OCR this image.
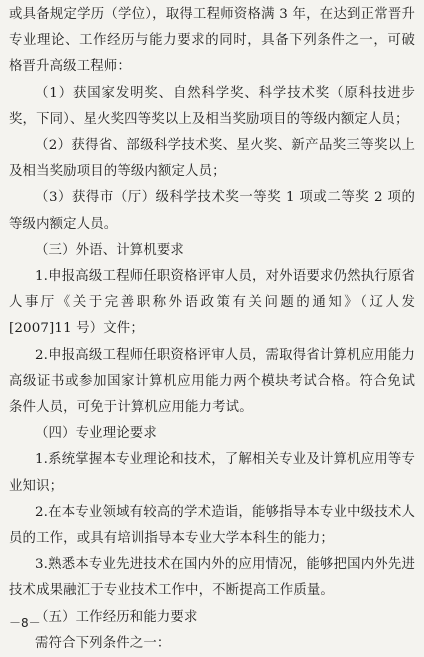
或具备规定学历（学位），取得工程师资格满 3 年，在达到正常晋升专业理论、工作经历与能力要求的同时，具备下列条件之一，可破格晋升高级工程师：

（1）获国家发明奖、自然科学奖、科学技术奖（原科技进步奖，下同）、星火奖四等奖以上及相当奖励项目的等级内额定人员；

（2）获得省、部级科学技术奖、星火奖、新产品奖三等奖以上及相当奖励项目的等级内额定人员；

（3）获得市（厅）级科学技术奖一等奖 1 项或二等奖 2 项的等级内额定人员。

（三）外语、计算机要求

1.申报高级工程师任职资格评审人员，对外语要求仍然执行原省人事厅《关于完善职称外语政策有关问题的通知》（辽人发[2007]11 号）文件；

2.申报高级工程师任职资格评审人员，需取得省计算机应用能力高级证书或参加国家计算机应用能力两个模块考试合格。符合免试条件人员，可免于计算机应用能力考试。

（四）专业理论要求

1.系统掌握本专业理论和技术，了解相关专业及计算机应用等专业知识；

2.在本专业领域有较高的学术造诣，能够指导本专业中级技术人员的工作，或具有培训指导本专业大学本科生的能力；

3.熟悉本专业先进技术在国内外的应用情况，能够把国内外先进技术成果融汇于专业技术工作中，不断提高工作质量。

（五）工作经历和能力要求

需符合下列条件之一：

－8－
